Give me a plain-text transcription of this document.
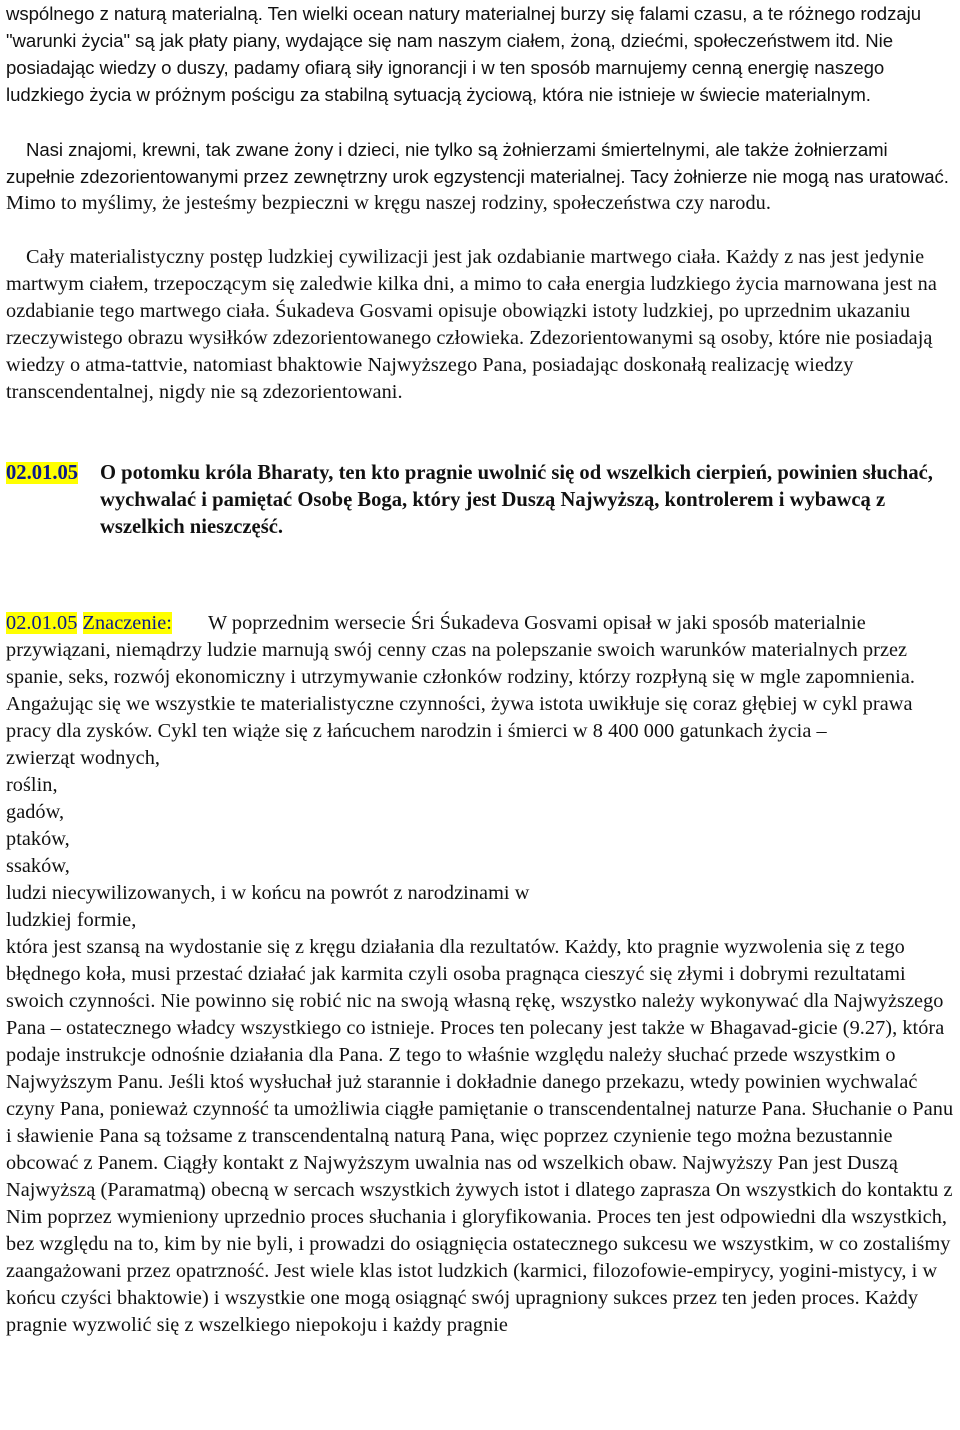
wspólnego z naturą materialną. Ten wielki ocean natury materialnej burzy się falami czasu, a te różnego rodzaju "warunki życia" są jak płaty piany, wydające się nam naszym ciałem, żoną, dziećmi, społeczeństwem itd. Nie posiadając wiedzy o duszy, padamy ofiarą siły ignorancji i w ten sposób marnujemy cenną energię naszego ludzkiego życia w próżnym pościgu za stabilną sytuacją życiową, która nie istnieje w świecie materialnym.

Nasi znajomi, krewni, tak zwane żony i dzieci, nie tylko są żołnierzami śmiertelnymi, ale także żołnierzami zupełnie zdezorientowanymi przez zewnętrzny urok egzystencji materialnej. Tacy żołnierze nie mogą nas uratować. Mimo to myślimy, że jesteśmy bezpieczni w kręgu naszej rodziny, społeczeństwa czy narodu.

Cały materialistyczny postęp ludzkiej cywilizacji jest jak ozdabianie martwego ciała. Każdy z nas jest jedynie martwym ciałem, trzepoczącym się zaledwie kilka dni, a mimo to cała energia ludzkiego życia marnowana jest na ozdabianie tego martwego ciała. Śukadeva Gosvami opisuje obowiązki istoty ludzkiej, po uprzednim ukazaniu rzeczywistego obrazu wysiłków zdezorientowanego człowieka. Zdezorientowanymi są osoby, które nie posiadają wiedzy o atma-tattvie, natomiast bhaktowie Najwyższego Pana, posiadając doskonałą realizację wiedzy transcendentalnej, nigdy nie są zdezorientowani.

02.01.05	O potomku króla Bharaty, ten kto pragnie uwolnić się od wszelkich cierpień, powinien słuchać, wychwalać i pamiętać Osobę Boga, który jest Duszą Najwyższą, kontrolerem i wybawcą z wszelkich nieszczęść.
02.01.05 Znaczenie: W poprzednim wersecie Śri Śukadeva Gosvami opisał w jaki sposób materialnie przywiązani, niemądrzy ludzie marnują swój cenny czas na polepszanie swoich warunków materialnych przez spanie, seks, rozwój ekonomiczny i utrzymywanie członków rodziny, którzy rozpłyną się w mgle zapomnienia. Angażując się we wszystkie te materialistyczne czynności, żywa istota uwikłuje się coraz głębiej w cykl prawa pracy dla zysków. Cykl ten wiąże się z łańcuchem narodzin i śmierci w 8 400 000 gatunkach życia –
zwierząt wodnych,
roślin,
gadów,
ptaków,
ssaków,
ludzi niecywilizowanych, i w końcu na powrót z narodzinami w
ludzkiej formie,
która jest szansą na wydostanie się z kręgu działania dla rezultatów. Każdy, kto pragnie wyzwolenia się z tego błędnego koła, musi przestać działać jak karmita czyli osoba pragnąca cieszyć się złymi i dobrymi rezultatami swoich czynności. Nie powinno się robić nic na swoją własną rękę, wszystko należy wykonywać dla Najwyższego Pana – ostatecznego władcy wszystkiego co istnieje. Proces ten polecany jest także w Bhagavad-gicie (9.27), która podaje instrukcje odnośnie działania dla Pana. Z tego to właśnie względu należy słuchać przede wszystkim o Najwyższym Panu. Jeśli ktoś wysłuchał już starannie i dokładnie danego przekazu, wtedy powinien wychwalać czyny Pana, ponieważ czynność ta umożliwia ciągłe pamiętanie o transcendentalnej naturze Pana. Słuchanie o Panu i sławienie Pana są tożsame z transcendentalną naturą Pana, więc poprzez czynienie tego można bezustannie obcować z Panem. Ciągły kontakt z Najwyższym uwalnia nas od wszelkich obaw. Najwyższy Pan jest Duszą Najwyższą (Paramatmą) obecną w sercach wszystkich żywych istot i dlatego zaprasza On wszystkich do kontaktu z Nim poprzez wymieniony uprzednio proces słuchania i gloryfikowania. Proces ten jest odpowiedni dla wszystkich, bez względu na to, kim by nie byli, i prowadzi do osiągnięcia ostatecznego sukcesu we wszystkim, w co zostaliśmy zaangażowani przez opatrzność. Jest wiele klas istot ludzkich (karmici, filozofowie-empirycy, yogini-mistycy, i w końcu czyści bhaktowie) i wszystkie one mogą osiągnąć swój upragniony sukces przez ten jeden proces. Każdy pragnie wyzwolić się z wszelkiego niepokoju i każdy pragnie
